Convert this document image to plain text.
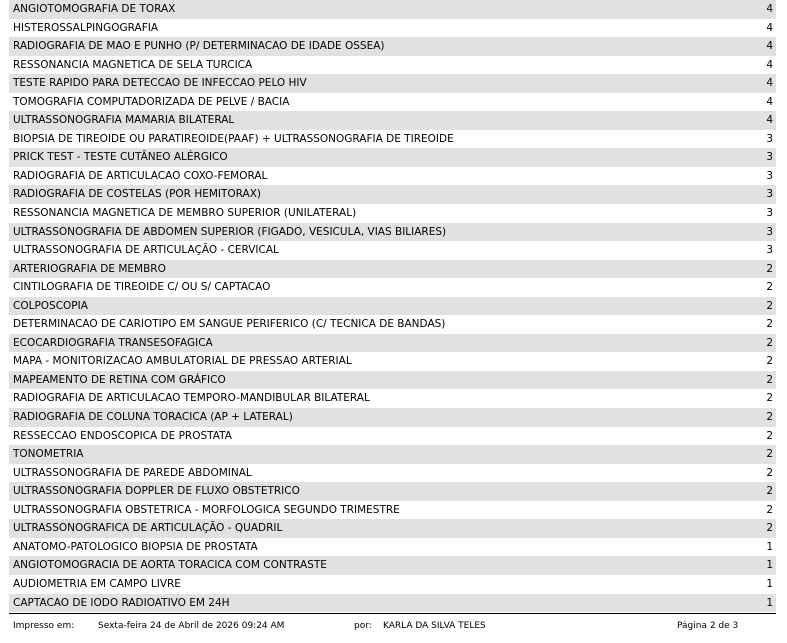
ANGIOTOMOGRAFIA DE TORAX	4
HISTEROSSALPINGOGRAFIA	4
RADIOGRAFIA DE MAO E PUNHO (P/ DETERMINACAO DE IDADE OSSEA)	4
RESSONANCIA MAGNETICA DE SELA TURCICA	4
TESTE RAPIDO PARA DETECCAO DE INFECCAO PELO HIV	4
TOMOGRAFIA COMPUTADORIZADA DE PELVE / BACIA	4
ULTRASSONOGRAFIA MAMARIA BILATERAL	4
BIOPSIA DE TIREOIDE OU PARATIREOIDE(PAAF) + ULTRASSONOGRAFIA DE TIREOIDE	3
PRICK TEST - TESTE CUTÂNEO ALÉRGICO	3
RADIOGRAFIA DE ARTICULACAO COXO-FEMORAL	3
RADIOGRAFIA DE COSTELAS (POR HEMITORAX)	3
RESSONANCIA MAGNETICA DE MEMBRO SUPERIOR (UNILATERAL)	3
ULTRASSONOGRAFIA DE ABDOMEN SUPERIOR (FIGADO, VESICULA, VIAS BILIARES)	3
ULTRASSONOGRAFIA DE ARTICULAÇÃO - CERVICAL	3
ARTERIOGRAFIA DE MEMBRO	2
CINTILOGRAFIA DE TIREOIDE C/ OU S/ CAPTACAO	2
COLPOSCOPIA	2
DETERMINACAO DE CARIOTIPO EM SANGUE PERIFERICO (C/ TECNICA DE BANDAS)	2
ECOCARDIOGRAFIA TRANSESOFAGICA	2
MAPA - MONITORIZACAO AMBULATORIAL DE PRESSAO ARTERIAL	2
MAPEAMENTO DE RETINA COM GRÁFICO	2
RADIOGRAFIA DE ARTICULACAO TEMPORO-MANDIBULAR BILATERAL	2
RADIOGRAFIA DE COLUNA TORACICA (AP + LATERAL)	2
RESSECCAO ENDOSCOPICA DE PROSTATA	2
TONOMETRIA	2
ULTRASSONOGRAFIA DE PAREDE ABDOMINAL	2
ULTRASSONOGRAFIA DOPPLER DE FLUXO OBSTETRICO	2
ULTRASSONOGRAFIA OBSTETRICA - MORFOLOGICA SEGUNDO TRIMESTRE	2
ULTRASSONOGRAFICA DE ARTICULAÇÃO - QUADRIL	2
ANATOMO-PATOLOGICO BIOPSIA DE PROSTATA	1
ANGIOTOMOGRACIA DE AORTA TORACICA COM CONTRASTE	1
AUDIOMETRIA EM CAMPO LIVRE	1
CAPTACAO DE IODO RADIOATIVO EM 24H	1
Impresso em:	Sexta-feira 24 de Abril de 2026 09:24 AM	por: KARLA DA SILVA TELES	Página 2 de 3
